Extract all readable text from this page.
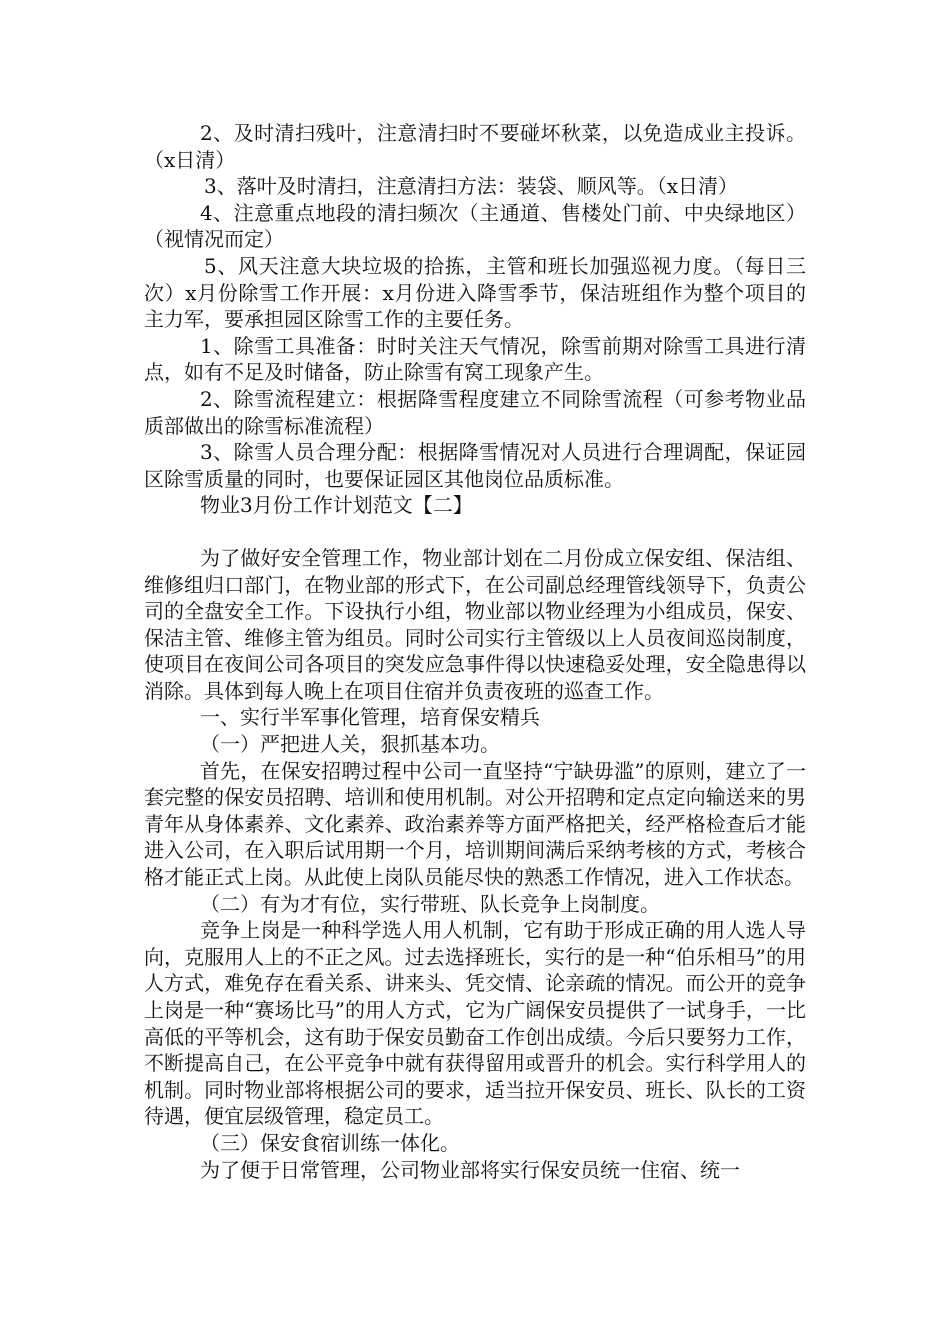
2、及时清扫残叶，注意清扫时不要碰坏秋菜，以免造成业主投诉。（x日清）

3、落叶及时清扫，注意清扫方法：装袋、顺风等。（x日清）

4、注意重点地段的清扫频次（主通道、售楼处门前、中央绿地区）（视情况而定）

5、风天注意大块垃圾的拾拣，主管和班长加强巡视力度。（每日三次）x月份除雪工作开展：x月份进入降雪季节，保洁班组作为整个项目的主力军，要承担园区除雪工作的主要任务。

1、除雪工具准备：时时关注天气情况，除雪前期对除雪工具进行清点，如有不足及时储备，防止除雪有窝工现象产生。

2、除雪流程建立：根据降雪程度建立不同除雪流程（可参考物业品质部做出的除雪标准流程）

3、除雪人员合理分配：根据降雪情况对人员进行合理调配，保证园区除雪质量的同时，也要保证园区其他岗位品质标准。

物业3月份工作计划范文【二】

为了做好安全管理工作，物业部计划在二月份成立保安组、保洁组、维修组归口部门，在物业部的形式下，在公司副总经理管线领导下，负责公司的全盘安全工作。下设执行小组，物业部以物业经理为小组成员，保安、保洁主管、维修主管为组员。同时公司实行主管级以上人员夜间巡岗制度，使项目在夜间公司各项目的突发应急事件得以快速稳妥处理，安全隐患得以消除。具体到每人晚上在项目住宿并负责夜班的巡查工作。

一、实行半军事化管理，培育保安精兵

（一）严把进人关，狠抓基本功。

首先，在保安招聘过程中公司一直坚持“宁缺毋滥”的原则，建立了一套完整的保安员招聘、培训和使用机制。对公开招聘和定点定向输送来的男青年从身体素养、文化素养、政治素养等方面严格把关，经严格检查后才能进入公司，在入职后试用期一个月，培训期间满后采纳考核的方式，考核合格才能正式上岗。从此使上岗队员能尽快的熟悉工作情况，进入工作状态。

（二）有为才有位，实行带班、队长竞争上岗制度。

竞争上岗是一种科学选人用人机制，它有助于形成正确的用人选人导向，克服用人上的不正之风。过去选择班长，实行的是一种“伯乐相马”的用人方式，难免存在看关系、讲来头、凭交情、论亲疏的情况。而公开的竞争上岗是一种“赛场比马”的用人方式，它为广阔保安员提供了一试身手，一比高低的平等机会，这有助于保安员勤奋工作创出成绩。今后只要努力工作，不断提高自己，在公平竞争中就有获得留用或晋升的机会。实行科学用人的机制。同时物业部将根据公司的要求，适当拉开保安员、班长、队长的工资待遇，便宜层级管理，稳定员工。

（三）保安食宿训练一体化。

为了便于日常管理，公司物业部将实行保安员统一住宿、统一
